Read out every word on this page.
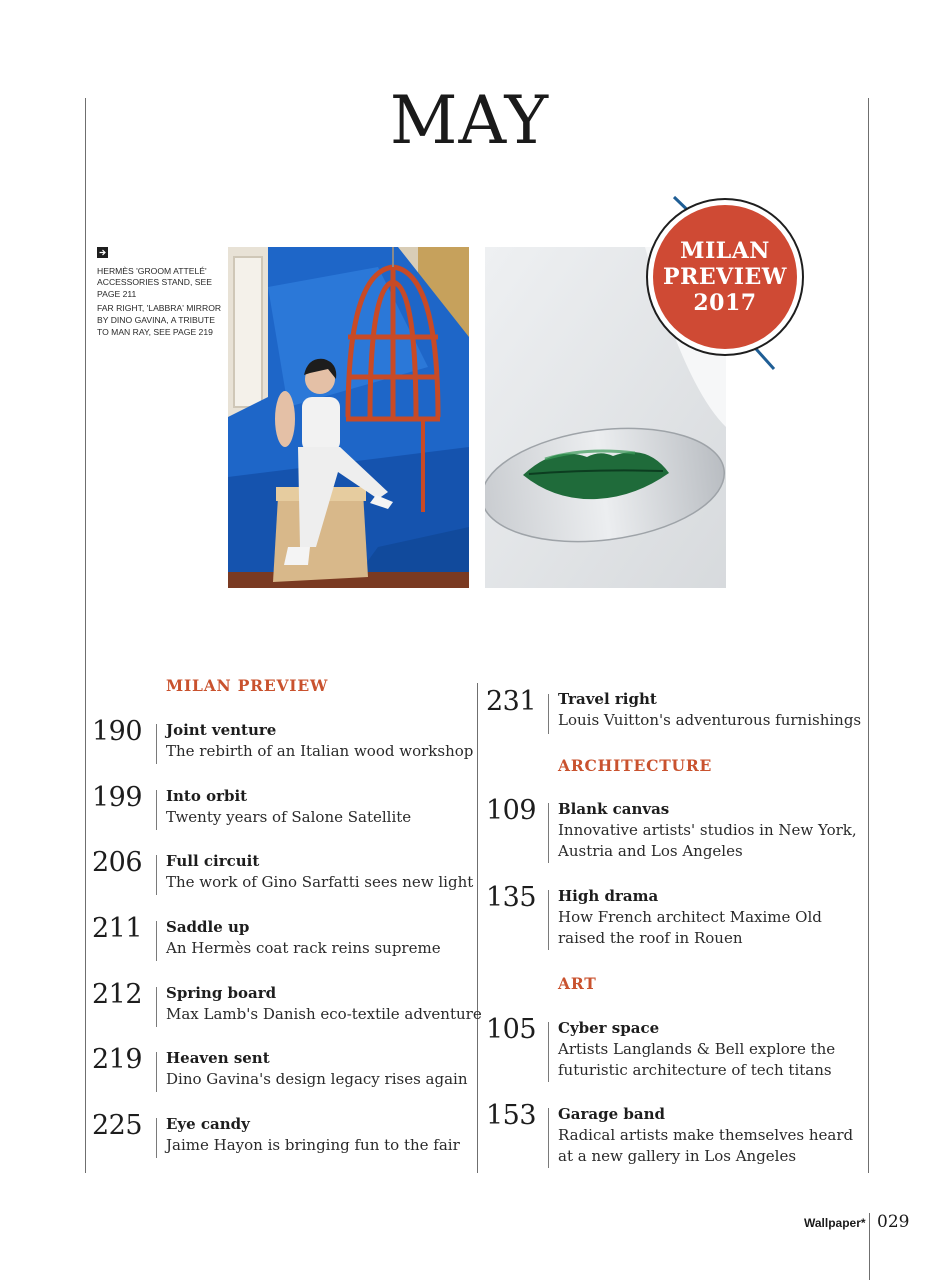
MAY

HERMÈS 'GROOM ATTELÉ' ACCESSORIES STAND, SEE PAGE 211

FAR RIGHT, 'LABBRA' MIRROR BY DINO GAVINA, A TRIBUTE TO MAN RAY, SEE PAGE 219

MILAN
PREVIEW
2017
MILAN PREVIEW
ARCHITECTURE
ART
190 Joint venture
The rebirth of an Italian wood workshop
199 Into orbit
Twenty years of Salone Satellite
206 Full circuit
The work of Gino Sarfatti sees new light
211 Saddle up
An Hermès coat rack reins supreme
212 Spring board
Max Lamb's Danish eco-textile adventure
219 Heaven sent
Dino Gavina's design legacy rises again
225 Eye candy
Jaime Hayon is bringing fun to the fair
231 Travel right
Louis Vuitton's adventurous furnishings
109 Blank canvas
Innovative artists' studios in New York,
Austria and Los Angeles
135 High drama
How French architect Maxime Old
raised the roof in Rouen
105 Cyber space
Artists Langlands & Bell explore the
futuristic architecture of tech titans
153 Garage band
Radical artists make themselves heard
at a new gallery in Los Angeles
Wallpaper* 029
